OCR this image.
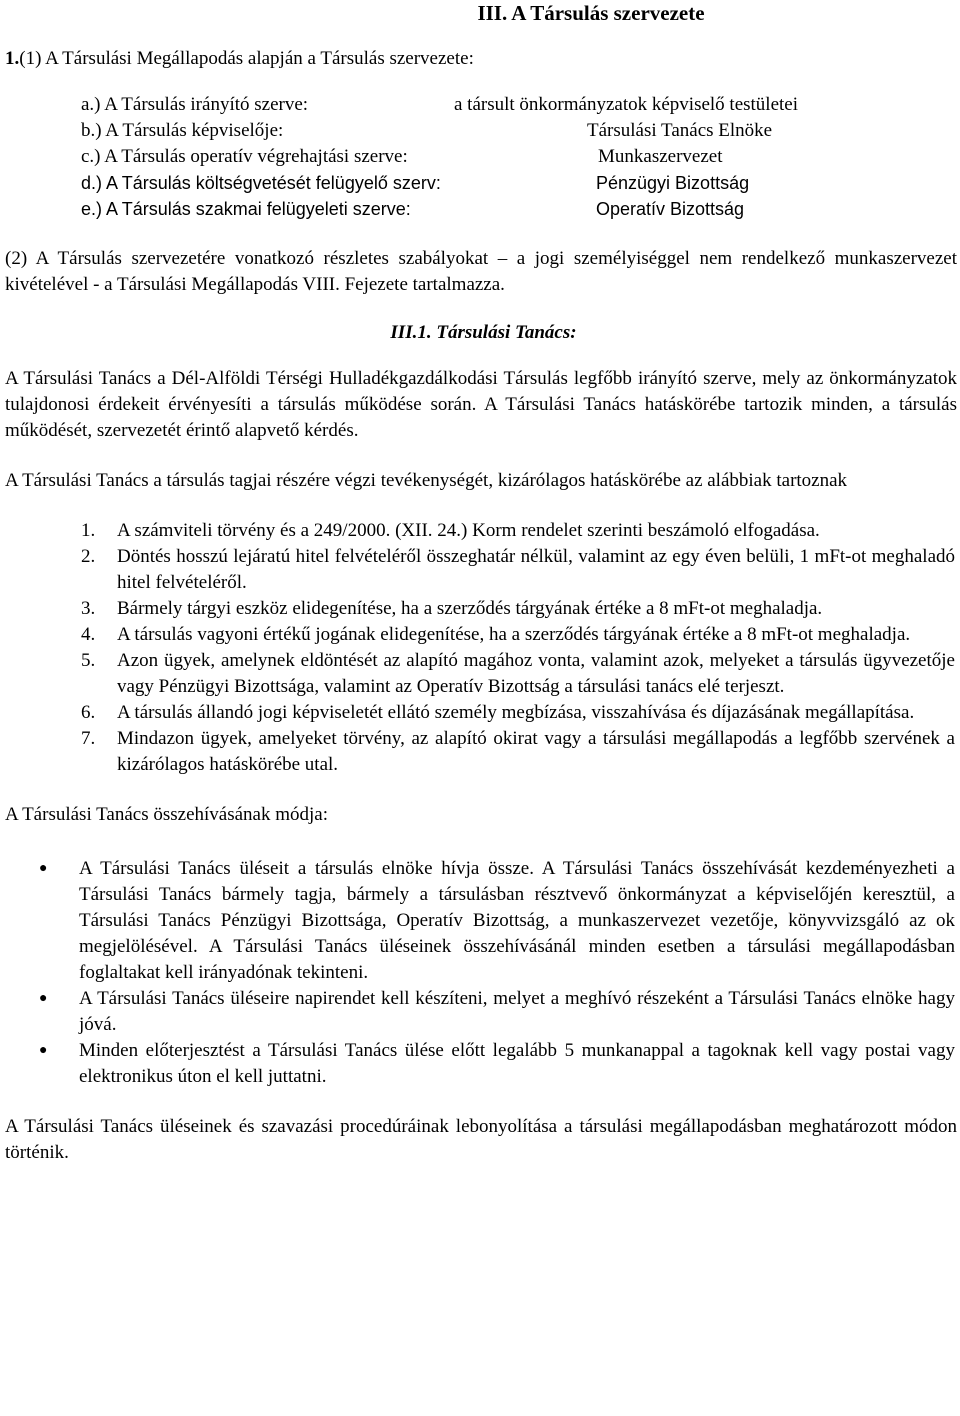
III. A Társulás szervezete
1.(1) A Társulási Megállapodás alapján a Társulás szervezete:
a.) A Társulás irányító szerve:	a társult önkormányzatok képviselő testületei
b.) A Társulás képviselője:	Társulási Tanács Elnöke
c.) A Társulás operatív végrehajtási szerve:	Munkaszervezet
d.) A Társulás költségvetését felügyelő szerv:	Pénzügyi Bizottság
e.) A Társulás szakmai felügyeleti szerve:	Operatív Bizottság

(2) A Társulás szervezetére vonatkozó részletes szabályokat – a jogi személyiséggel nem rendelkező munkaszervezet kivételével - a Társulási Megállapodás VIII. Fejezete tartalmazza.

III.1. Társulási Tanács:

A Társulási Tanács a Dél-Alföldi Térségi Hulladékgazdálkodási Társulás legfőbb irányító szerve, mely az önkormányzatok tulajdonosi érdekeit érvényesíti a társulás működése során. A Társulási Tanács hatáskörébe tartozik minden, a társulás működését, szervezetét érintő alapvető kérdés.

A Társulási Tanács a társulás tagjai részére végzi tevékenységét, kizárólagos hatáskörébe az alábbiak tartoznak

1.	A számviteli törvény és a 249/2000. (XII. 24.) Korm rendelet szerinti beszámoló elfogadása.
2.	Döntés hosszú lejáratú hitel felvételéről összeghatár nélkül, valamint az egy éven belüli, 1 mFt-ot meghaladó hitel felvételéről.
3.	Bármely tárgyi eszköz elidegenítése, ha a szerződés tárgyának értéke a 8 mFt-ot meghaladja.
4.	A társulás vagyoni értékű jogának elidegenítése, ha a szerződés tárgyának értéke a 8 mFt-ot meghaladja.
5.	Azon ügyek, amelynek eldöntését az alapító magához vonta, valamint azok, melyeket a társulás ügyvezetője vagy Pénzügyi Bizottsága, valamint az Operatív Bizottság a társulási tanács elé terjeszt.
6.	A társulás állandó jogi képviseletét ellátó személy megbízása, visszahívása és díjazásának megállapítása.
7.	Mindazon ügyek, amelyeket törvény, az alapító okirat vagy a társulási megállapodás a legfőbb szervének a kizárólagos hatáskörébe utal.

A Társulási Tanács összehívásának módja:

●	A Társulási Tanács üléseit a társulás elnöke hívja össze. A Társulási Tanács összehívását kezdeményezheti a Társulási Tanács bármely tagja, bármely a társulásban résztvevő önkormányzat a képviselőjén keresztül, a Társulási Tanács Pénzügyi Bizottsága, Operatív Bizottság, a munkaszervezet vezetője, könyvvizsgáló az ok megjelölésével. A Társulási Tanács üléseinek összehívásánál minden esetben a társulási megállapodásban foglaltakat kell irányadónak tekinteni.
●	A Társulási Tanács üléseire napirendet kell készíteni, melyet a meghívó részeként a Társulási Tanács elnöke hagy jóvá.
●	Minden előterjesztést a Társulási Tanács ülése előtt legalább 5 munkanappal a tagoknak kell vagy postai vagy elektronikus úton el kell juttatni.

A Társulási Tanács üléseinek és szavazási procedúráinak lebonyolítása a társulási megállapodásban meghatározott módon történik.
